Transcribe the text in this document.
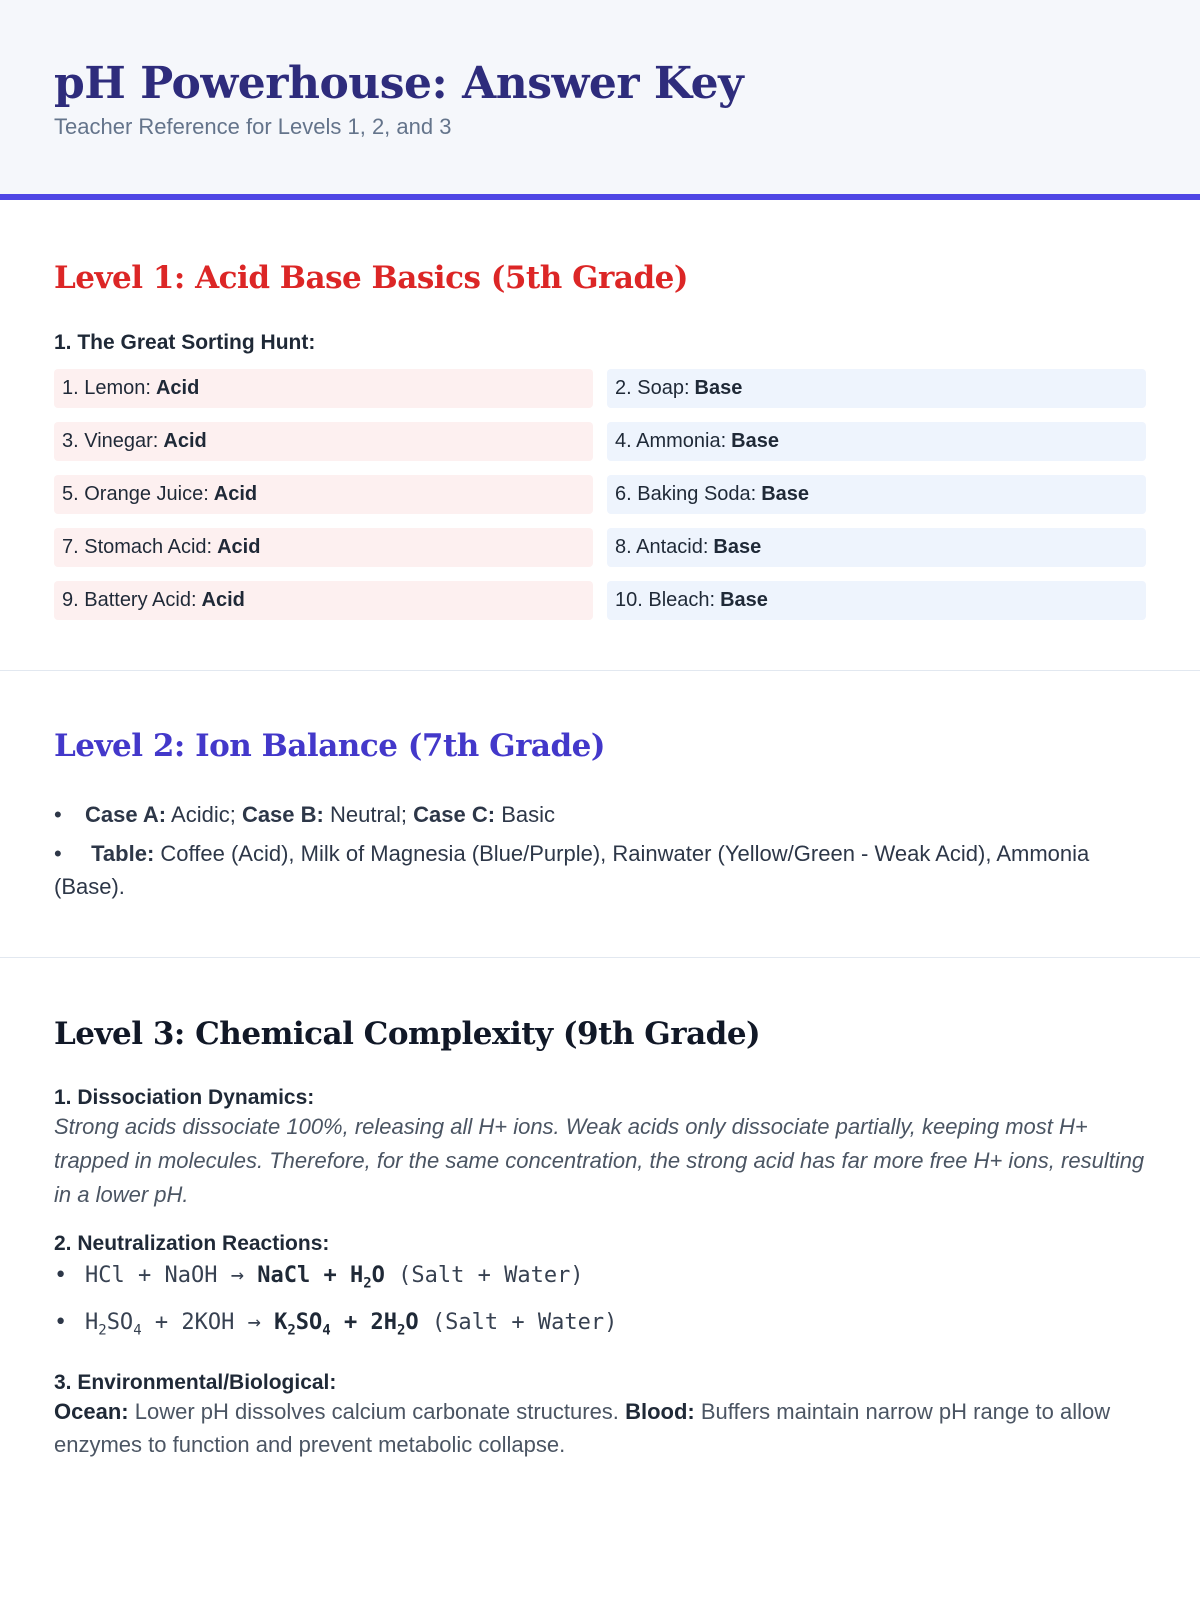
pH Powerhouse: Answer Key
Teacher Reference for Levels 1, 2, and 3
Level 1: Acid Base Basics (5th Grade)
1. The Great Sorting Hunt:
1. Lemon: Acid	2. Soap: Base
3. Vinegar: Acid	4. Ammonia: Base
5. Orange Juice: Acid	6. Baking Soda: Base
7. Stomach Acid: Acid	8. Antacid: Base
9. Battery Acid: Acid	10. Bleach: Base
Level 2: Ion Balance (7th Grade)
• Case A: Acidic; Case B: Neutral; Case C: Basic
• Table: Coffee (Acid), Milk of Magnesia (Blue/Purple), Rainwater (Yellow/Green - Weak Acid), Ammonia (Base).
Level 3: Chemical Complexity (9th Grade)
1. Dissociation Dynamics:
Strong acids dissociate 100%, releasing all H+ ions. Weak acids only dissociate partially, keeping most H+ trapped in molecules. Therefore, for the same concentration, the strong acid has far more free H+ ions, resulting in a lower pH.
2. Neutralization Reactions:
• HCl + NaOH → NaCl + $H_2O$ (Salt + Water)
• $H_2SO_4 + 2KOH \to K_2SO_4 + 2H_2O$ (Salt + Water)
3. Environmental/Biological:
Ocean: Lower pH dissolves calcium carbonate structures. Blood: Buffers maintain narrow pH range to allow enzymes to function and prevent metabolic collapse.
